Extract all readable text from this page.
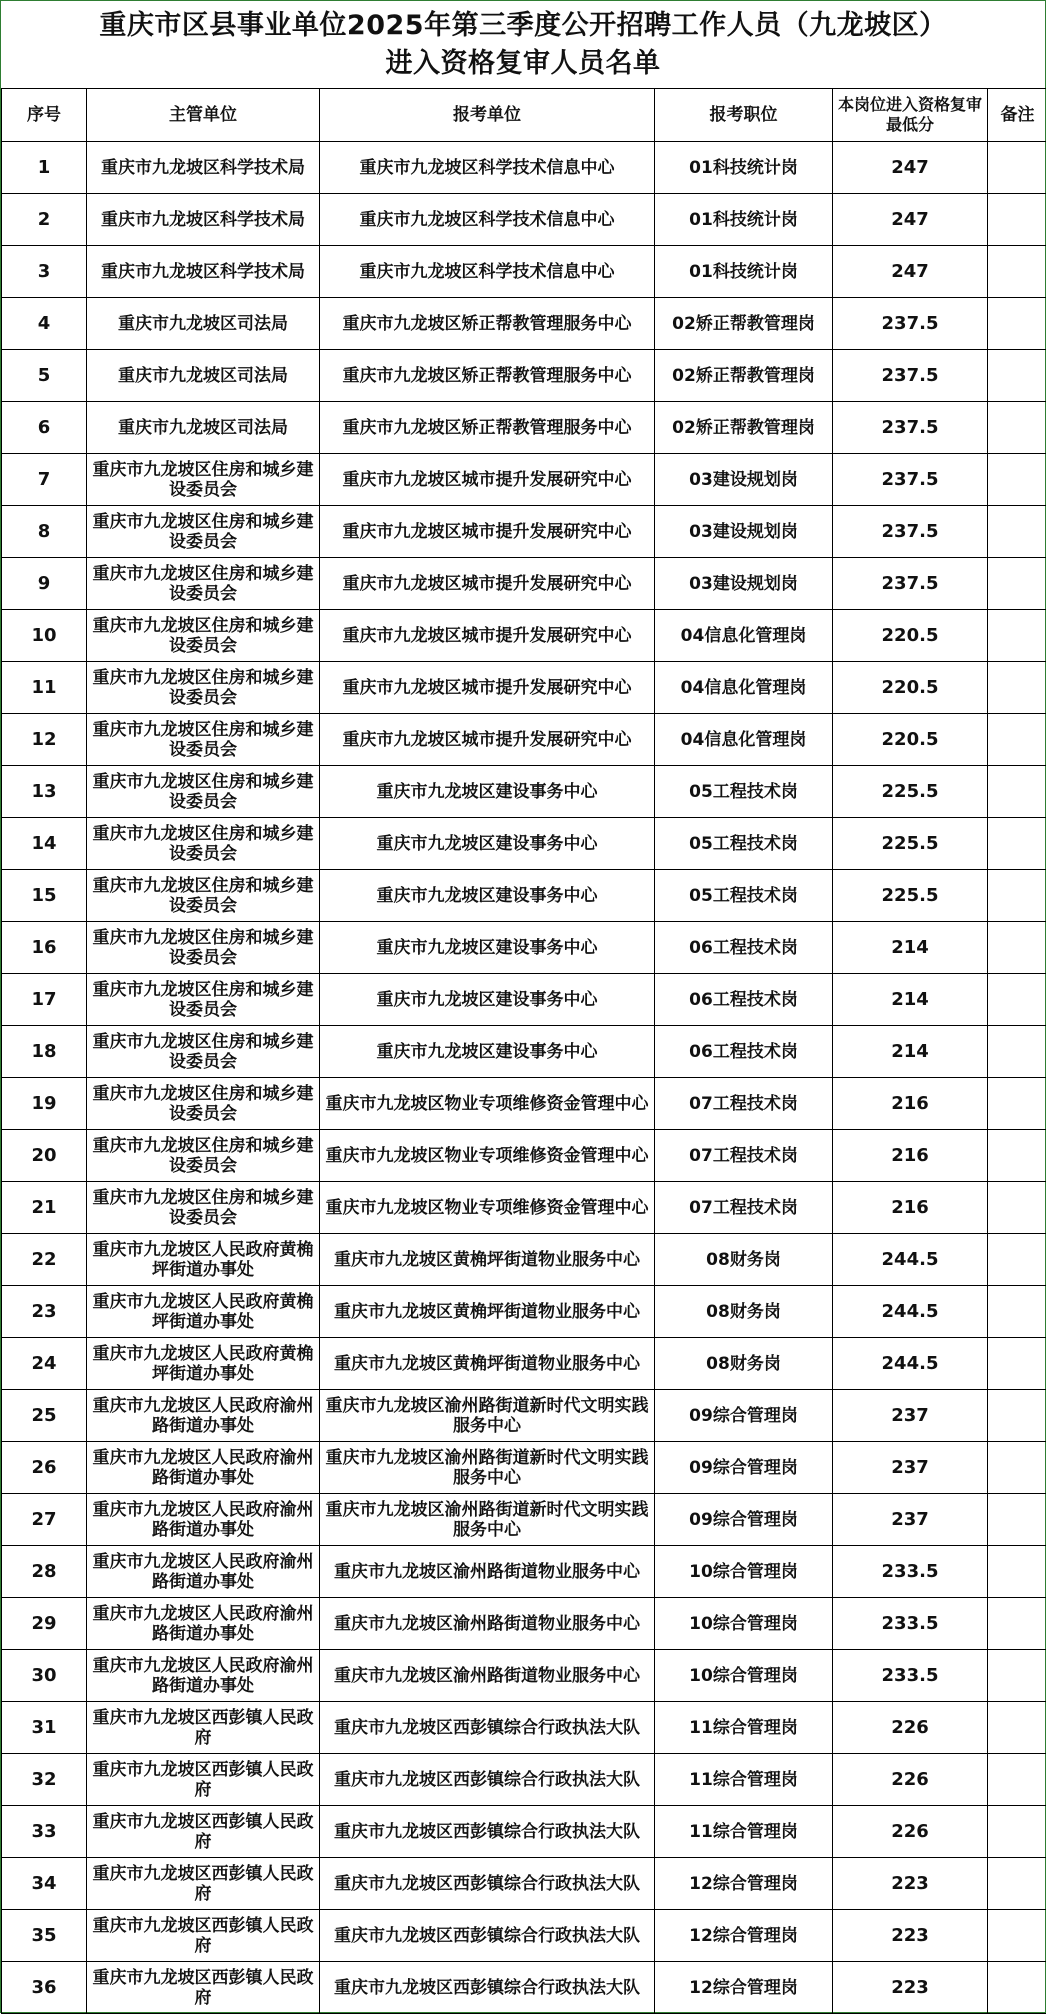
重庆市区县事业单位2025年第三季度公开招聘工作人员（九龙坡区）
进入资格复审人员名单
序号	主管单位	报考单位	报考职位	本岗位进入资格复审最低分	备注
1	重庆市九龙坡区科学技术局	重庆市九龙坡区科学技术信息中心	01科技统计岗	247	
2	重庆市九龙坡区科学技术局	重庆市九龙坡区科学技术信息中心	01科技统计岗	247	
3	重庆市九龙坡区科学技术局	重庆市九龙坡区科学技术信息中心	01科技统计岗	247	
4	重庆市九龙坡区司法局	重庆市九龙坡区矫正帮教管理服务中心	02矫正帮教管理岗	237.5	
5	重庆市九龙坡区司法局	重庆市九龙坡区矫正帮教管理服务中心	02矫正帮教管理岗	237.5	
6	重庆市九龙坡区司法局	重庆市九龙坡区矫正帮教管理服务中心	02矫正帮教管理岗	237.5	
7	重庆市九龙坡区住房和城乡建设委员会	重庆市九龙坡区城市提升发展研究中心	03建设规划岗	237.5	
8	重庆市九龙坡区住房和城乡建设委员会	重庆市九龙坡区城市提升发展研究中心	03建设规划岗	237.5	
9	重庆市九龙坡区住房和城乡建设委员会	重庆市九龙坡区城市提升发展研究中心	03建设规划岗	237.5	
10	重庆市九龙坡区住房和城乡建设委员会	重庆市九龙坡区城市提升发展研究中心	04信息化管理岗	220.5	
11	重庆市九龙坡区住房和城乡建设委员会	重庆市九龙坡区城市提升发展研究中心	04信息化管理岗	220.5	
12	重庆市九龙坡区住房和城乡建设委员会	重庆市九龙坡区城市提升发展研究中心	04信息化管理岗	220.5	
13	重庆市九龙坡区住房和城乡建设委员会	重庆市九龙坡区建设事务中心	05工程技术岗	225.5	
14	重庆市九龙坡区住房和城乡建设委员会	重庆市九龙坡区建设事务中心	05工程技术岗	225.5	
15	重庆市九龙坡区住房和城乡建设委员会	重庆市九龙坡区建设事务中心	05工程技术岗	225.5	
16	重庆市九龙坡区住房和城乡建设委员会	重庆市九龙坡区建设事务中心	06工程技术岗	214	
17	重庆市九龙坡区住房和城乡建设委员会	重庆市九龙坡区建设事务中心	06工程技术岗	214	
18	重庆市九龙坡区住房和城乡建设委员会	重庆市九龙坡区建设事务中心	06工程技术岗	214	
19	重庆市九龙坡区住房和城乡建设委员会	重庆市九龙坡区物业专项维修资金管理中心	07工程技术岗	216	
20	重庆市九龙坡区住房和城乡建设委员会	重庆市九龙坡区物业专项维修资金管理中心	07工程技术岗	216	
21	重庆市九龙坡区住房和城乡建设委员会	重庆市九龙坡区物业专项维修资金管理中心	07工程技术岗	216	
22	重庆市九龙坡区人民政府黄桷坪街道办事处	重庆市九龙坡区黄桷坪街道物业服务中心	08财务岗	244.5	
23	重庆市九龙坡区人民政府黄桷坪街道办事处	重庆市九龙坡区黄桷坪街道物业服务中心	08财务岗	244.5	
24	重庆市九龙坡区人民政府黄桷坪街道办事处	重庆市九龙坡区黄桷坪街道物业服务中心	08财务岗	244.5	
25	重庆市九龙坡区人民政府渝州路街道办事处	重庆市九龙坡区渝州路街道新时代文明实践服务中心	09综合管理岗	237	
26	重庆市九龙坡区人民政府渝州路街道办事处	重庆市九龙坡区渝州路街道新时代文明实践服务中心	09综合管理岗	237	
27	重庆市九龙坡区人民政府渝州路街道办事处	重庆市九龙坡区渝州路街道新时代文明实践服务中心	09综合管理岗	237	
28	重庆市九龙坡区人民政府渝州路街道办事处	重庆市九龙坡区渝州路街道物业服务中心	10综合管理岗	233.5	
29	重庆市九龙坡区人民政府渝州路街道办事处	重庆市九龙坡区渝州路街道物业服务中心	10综合管理岗	233.5	
30	重庆市九龙坡区人民政府渝州路街道办事处	重庆市九龙坡区渝州路街道物业服务中心	10综合管理岗	233.5	
31	重庆市九龙坡区西彭镇人民政府	重庆市九龙坡区西彭镇综合行政执法大队	11综合管理岗	226	
32	重庆市九龙坡区西彭镇人民政府	重庆市九龙坡区西彭镇综合行政执法大队	11综合管理岗	226	
33	重庆市九龙坡区西彭镇人民政府	重庆市九龙坡区西彭镇综合行政执法大队	11综合管理岗	226	
34	重庆市九龙坡区西彭镇人民政府	重庆市九龙坡区西彭镇综合行政执法大队	12综合管理岗	223	
35	重庆市九龙坡区西彭镇人民政府	重庆市九龙坡区西彭镇综合行政执法大队	12综合管理岗	223	
36	重庆市九龙坡区西彭镇人民政府	重庆市九龙坡区西彭镇综合行政执法大队	12综合管理岗	223	
